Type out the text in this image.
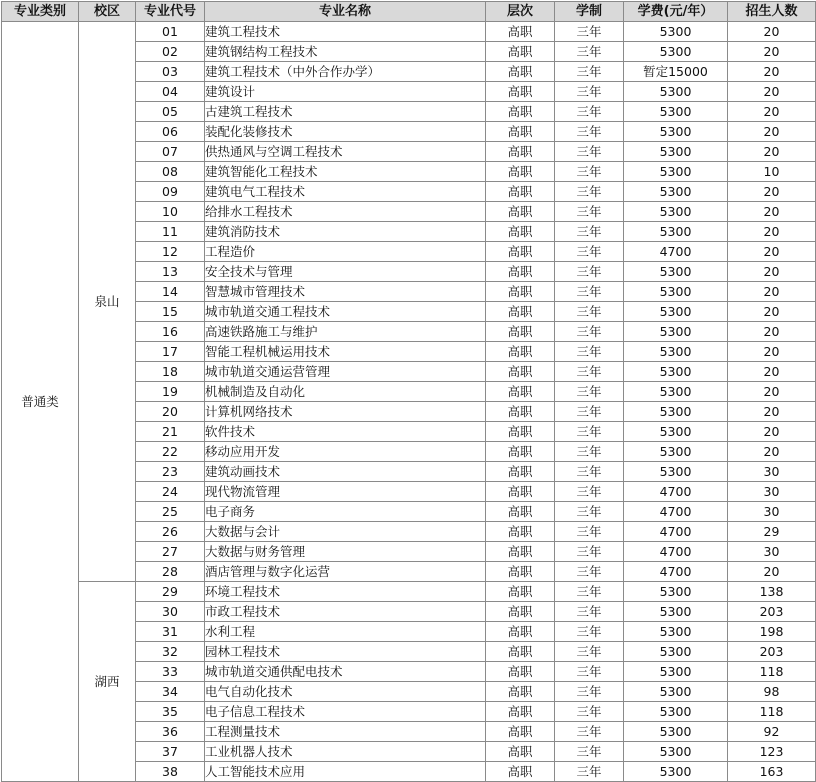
专业类别	校区	专业代号	专业名称	层次	学制	学费(元/年）	招生人数
普通类	泉山	01	建筑工程技术	高职	三年	5300	20
		02	建筑钢结构工程技术	高职	三年	5300	20
		03	建筑工程技术（中外合作办学）	高职	三年	暂定15000	20
		04	建筑设计	高职	三年	5300	20
		05	古建筑工程技术	高职	三年	5300	20
		06	装配化装修技术	高职	三年	5300	20
		07	供热通风与空调工程技术	高职	三年	5300	20
		08	建筑智能化工程技术	高职	三年	5300	10
		09	建筑电气工程技术	高职	三年	5300	20
		10	给排水工程技术	高职	三年	5300	20
		11	建筑消防技术	高职	三年	5300	20
		12	工程造价	高职	三年	4700	20
		13	安全技术与管理	高职	三年	5300	20
		14	智慧城市管理技术	高职	三年	5300	20
		15	城市轨道交通工程技术	高职	三年	5300	20
		16	高速铁路施工与维护	高职	三年	5300	20
		17	智能工程机械运用技术	高职	三年	5300	20
		18	城市轨道交通运营管理	高职	三年	5300	20
		19	机械制造及自动化	高职	三年	5300	20
		20	计算机网络技术	高职	三年	5300	20
		21	软件技术	高职	三年	5300	20
		22	移动应用开发	高职	三年	5300	20
		23	建筑动画技术	高职	三年	5300	30
		24	现代物流管理	高职	三年	4700	30
		25	电子商务	高职	三年	4700	30
		26	大数据与会计	高职	三年	4700	29
		27	大数据与财务管理	高职	三年	4700	30
		28	酒店管理与数字化运营	高职	三年	4700	20
	湖西	29	环境工程技术	高职	三年	5300	138
		30	市政工程技术	高职	三年	5300	203
		31	水利工程	高职	三年	5300	198
		32	园林工程技术	高职	三年	5300	203
		33	城市轨道交通供配电技术	高职	三年	5300	118
		34	电气自动化技术	高职	三年	5300	98
		35	电子信息工程技术	高职	三年	5300	118
		36	工程测量技术	高职	三年	5300	92
		37	工业机器人技术	高职	三年	5300	123
		38	人工智能技术应用	高职	三年	5300	163
